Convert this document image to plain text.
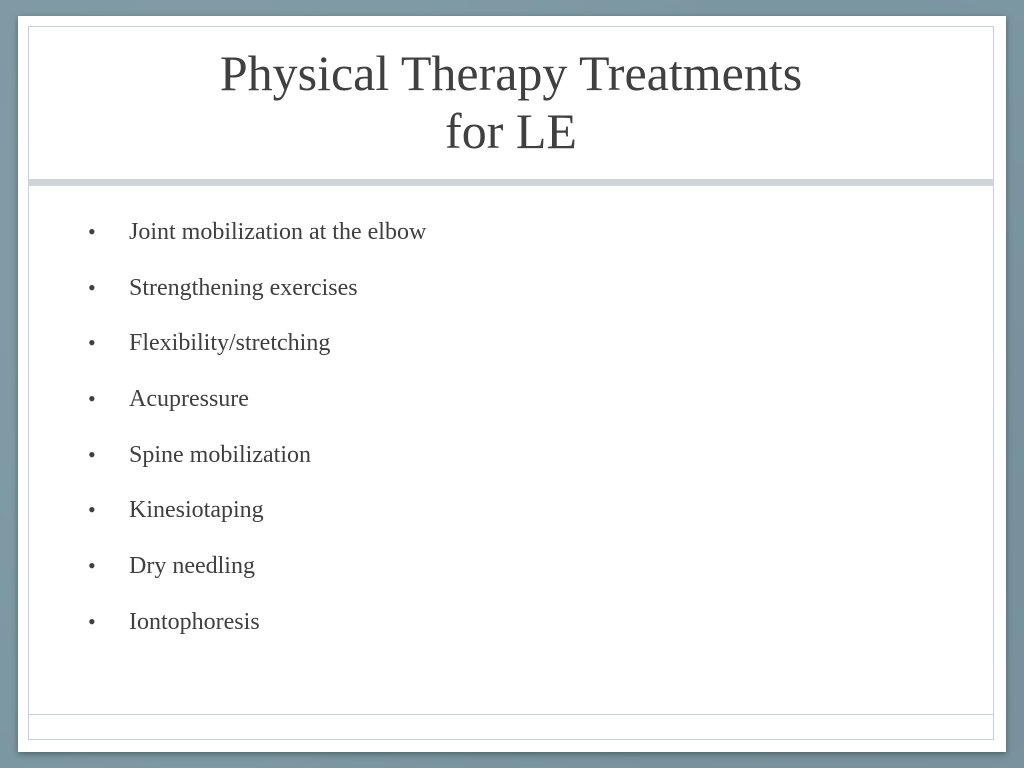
Physical Therapy Treatments
for LE
•	Joint mobilization at the elbow
•	Strengthening exercises
•	Flexibility/stretching
•	Acupressure
•	Spine mobilization
•	Kinesiotaping
•	Dry needling
•	Iontophoresis
